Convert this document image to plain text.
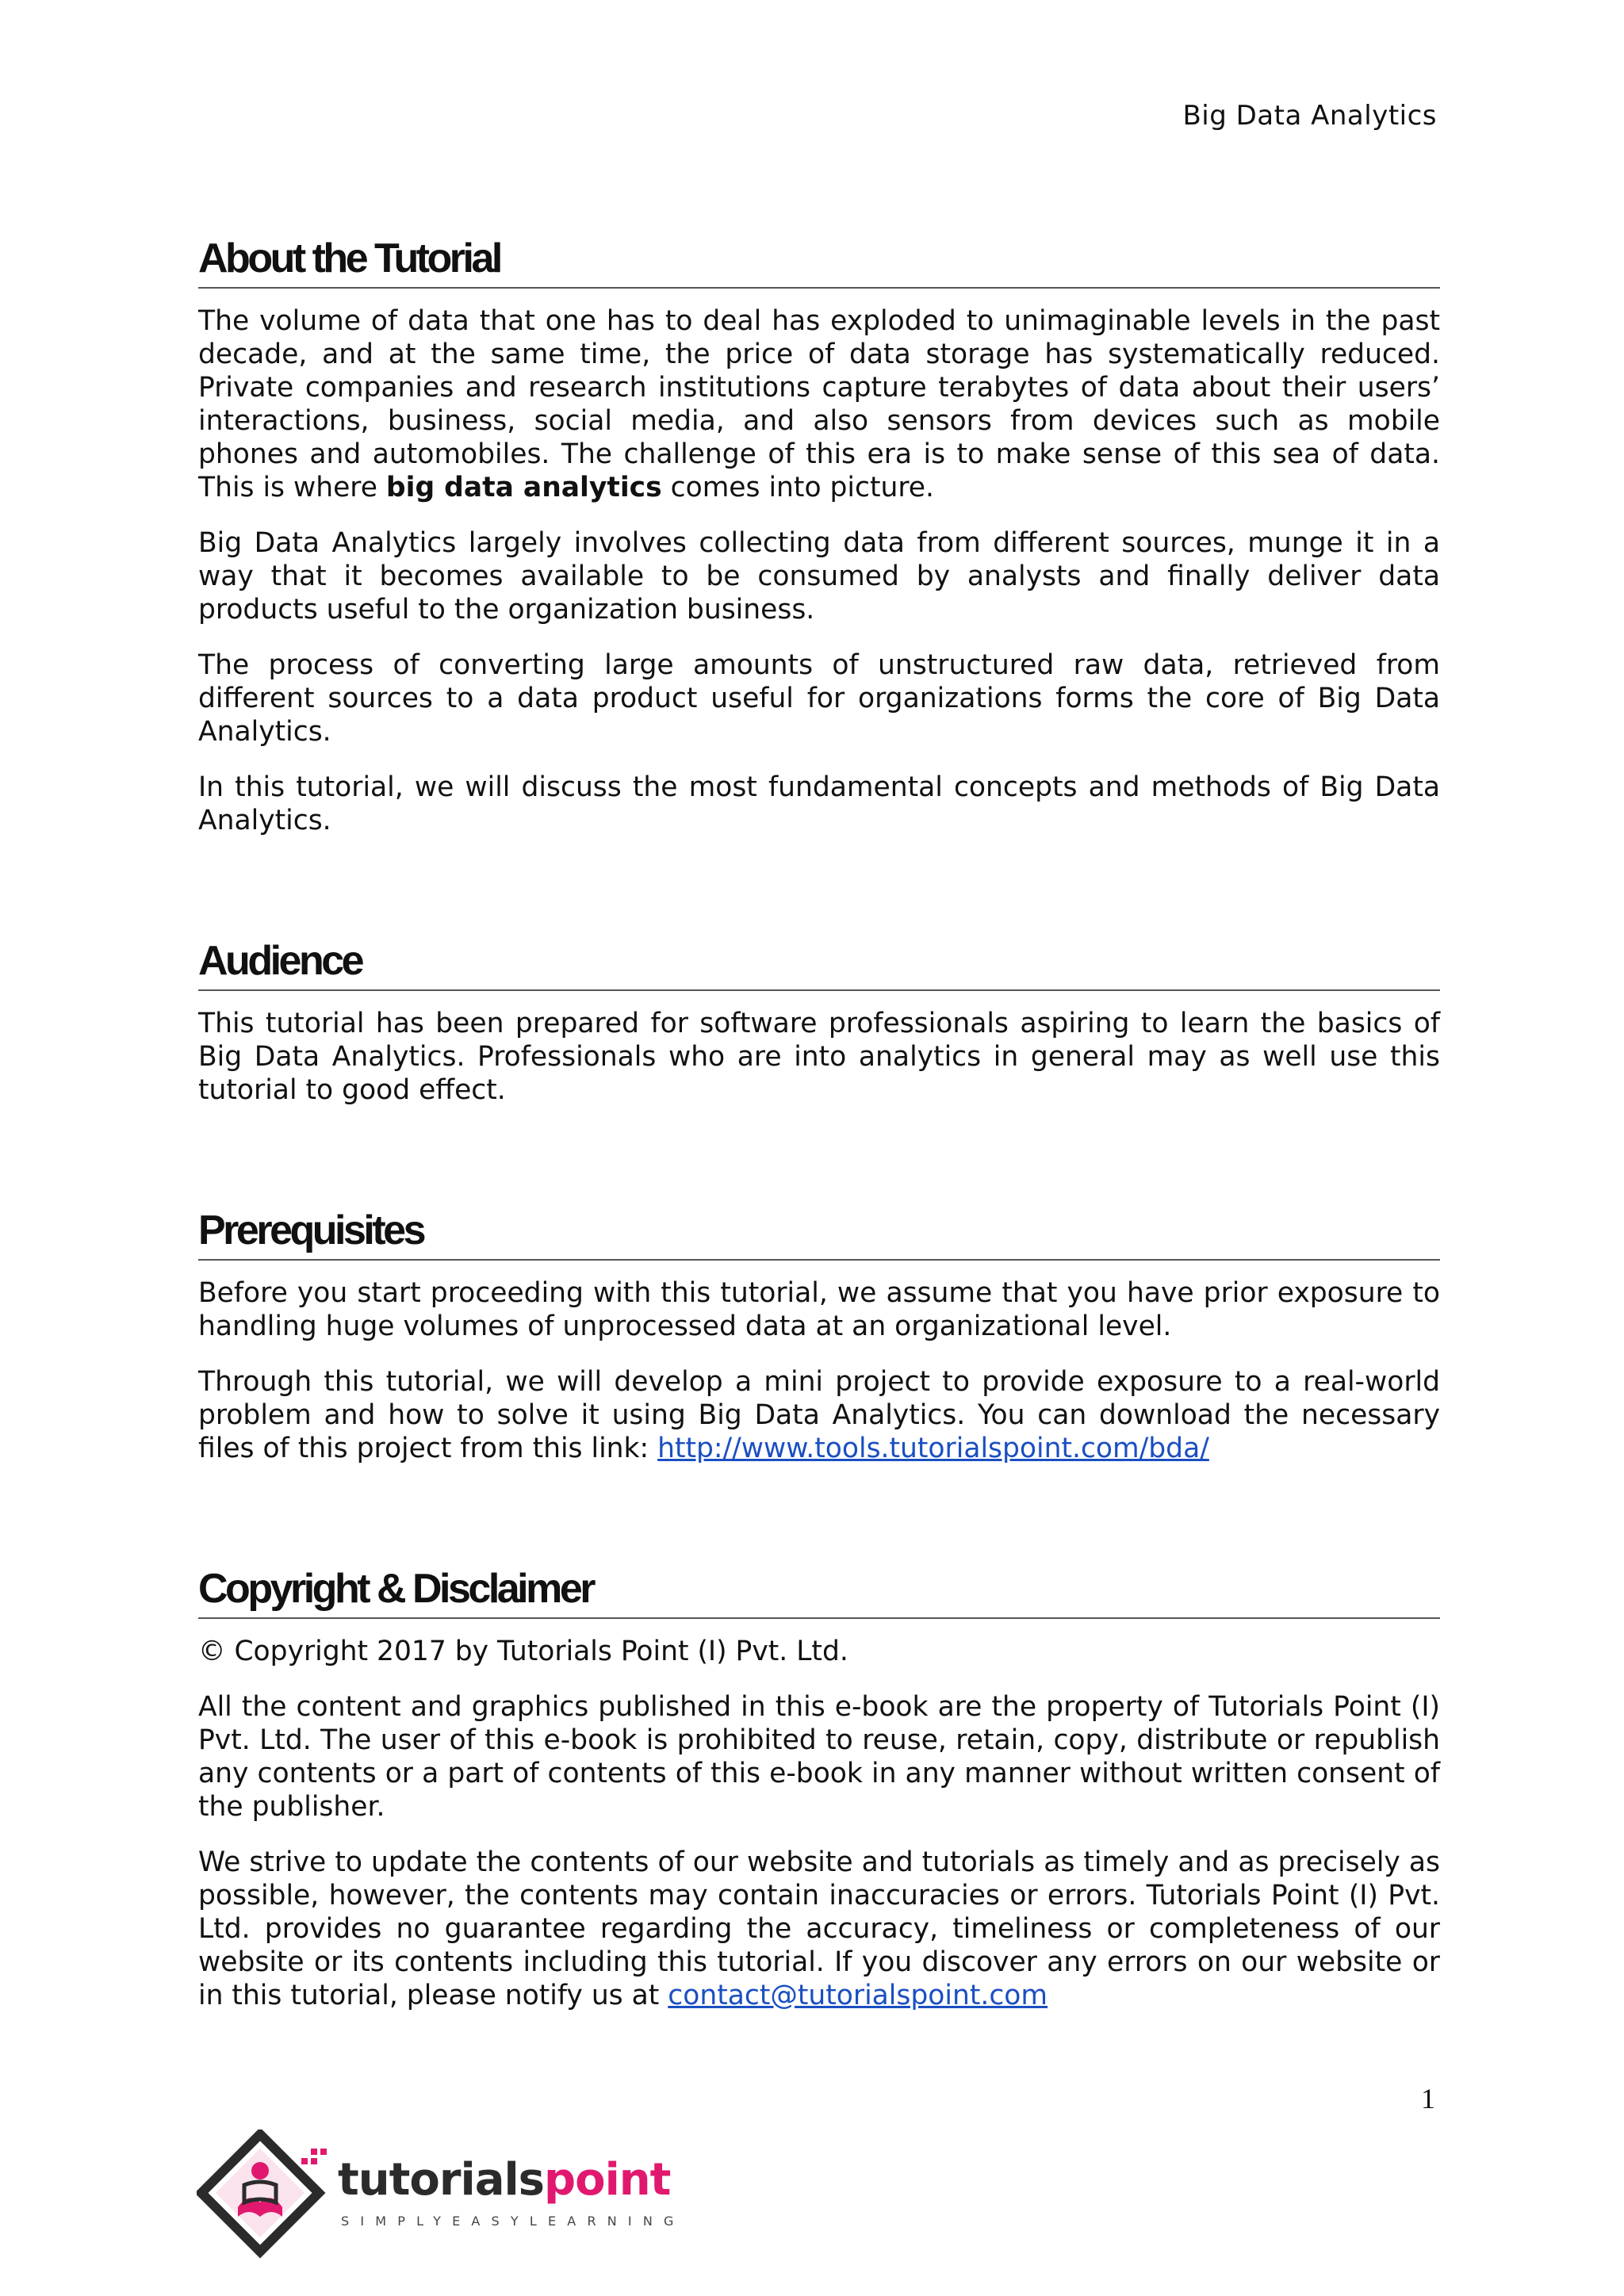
Big Data Analytics
About the Tutorial

The volume of data that one has to deal has exploded to unimaginable levels in the past decade, and at the same time, the price of data storage has systematically reduced. Private companies and research institutions capture terabytes of data about their users’ interactions, business, social media, and also sensors from devices such as mobile phones and automobiles. The challenge of this era is to make sense of this sea of data. This is where big data analytics comes into picture.

Big Data Analytics largely involves collecting data from different sources, munge it in a way that it becomes available to be consumed by analysts and finally deliver data products useful to the organization business.

The process of converting large amounts of unstructured raw data, retrieved from different sources to a data product useful for organizations forms the core of Big Data Analytics.

In this tutorial, we will discuss the most fundamental concepts and methods of Big Data Analytics.

Audience

This tutorial has been prepared for software professionals aspiring to learn the basics of Big Data Analytics. Professionals who are into analytics in general may as well use this tutorial to good effect.

Prerequisites

Before you start proceeding with this tutorial, we assume that you have prior exposure to handling huge volumes of unprocessed data at an organizational level.

Through this tutorial, we will develop a mini project to provide exposure to a real-world problem and how to solve it using Big Data Analytics. You can download the necessary files of this project from this link: http://www.tools.tutorialspoint.com/bda/

Copyright & Disclaimer

© Copyright 2017 by Tutorials Point (I) Pvt. Ltd.

All the content and graphics published in this e-book are the property of Tutorials Point (I) Pvt. Ltd. The user of this e-book is prohibited to reuse, retain, copy, distribute or republish any contents or a part of contents of this e-book in any manner without written consent of the publisher.

We strive to update the contents of our website and tutorials as timely and as precisely as possible, however, the contents may contain inaccuracies or errors. Tutorials Point (I) Pvt. Ltd. provides no guarantee regarding the accuracy, timeliness or completeness of our website or its contents including this tutorial. If you discover any errors on our website or in this tutorial, please notify us at contact@tutorialspoint.com

1
tutorialspoint
SIMPLYEASYLEARNING
